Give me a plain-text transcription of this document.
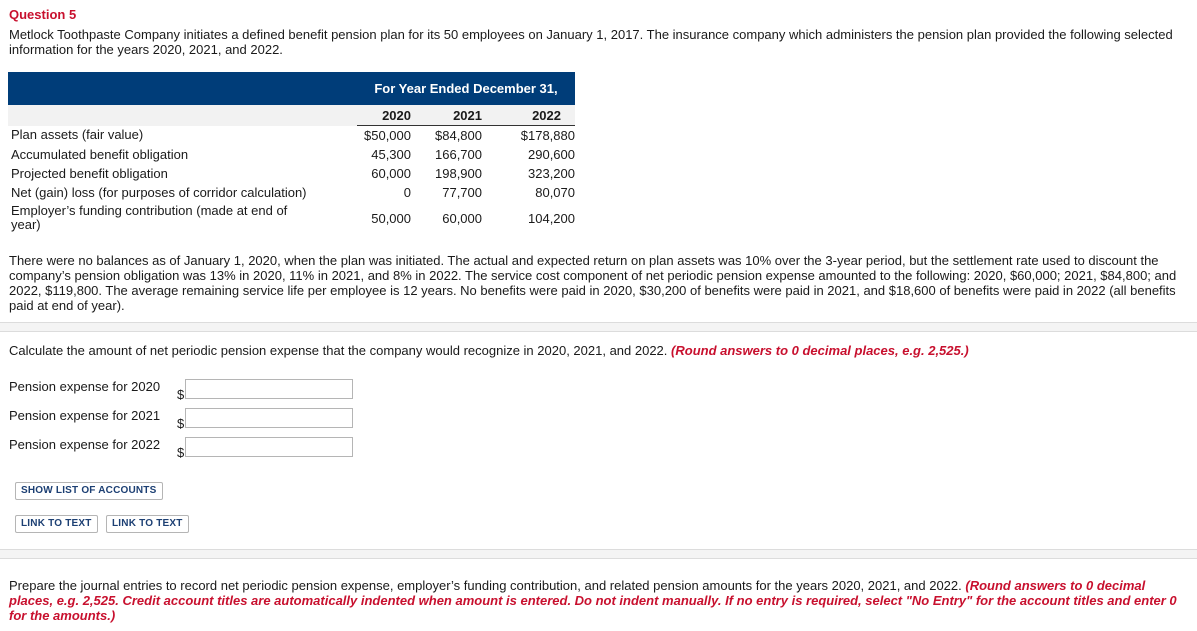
Question 5
Metlock Toothpaste Company initiates a defined benefit pension plan for its 50 employees on January 1, 2017. The insurance company which administers the pension plan provided the following selected information for the years 2020, 2021, and 2022.
	For Year Ended December 31,		
	2020	2021	2022
Plan assets (fair value)	$50,000	$84,800	$178,880
Accumulated benefit obligation	45,300	166,700	290,600
Projected benefit obligation	60,000	198,900	323,200
Net (gain) loss (for purposes of corridor calculation)	0	77,700	80,070
Employer’s funding contribution (made at end of year)	50,000	60,000	104,200
There were no balances as of January 1, 2020, when the plan was initiated. The actual and expected return on plan assets was 10% over the 3-year period, but the settlement rate used to discount the company’s pension obligation was 13% in 2020, 11% in 2021, and 8% in 2022. The service cost component of net periodic pension expense amounted to the following: 2020, $60,000; 2021, $84,800; and 2022, $119,800. The average remaining service life per employee is 12 years. No benefits were paid in 2020, $30,200 of benefits were paid in 2021, and $18,600 of benefits were paid in 2022 (all benefits paid at end of year).
Calculate the amount of net periodic pension expense that the company would recognize in 2020, 2021, and 2022. (Round answers to 0 decimal places, e.g. 2,525.)
Pension expense for 2020
$
Pension expense for 2021
$
Pension expense for 2022
$
SHOW LIST OF ACCOUNTS
LINK TO TEXT	LINK TO TEXT
Prepare the journal entries to record net periodic pension expense, employer’s funding contribution, and related pension amounts for the years 2020, 2021, and 2022. (Round answers to 0 decimal places, e.g. 2,525. Credit account titles are automatically indented when amount is entered. Do not indent manually. If no entry is required, select "No Entry" for the account titles and enter 0 for the amounts.)
